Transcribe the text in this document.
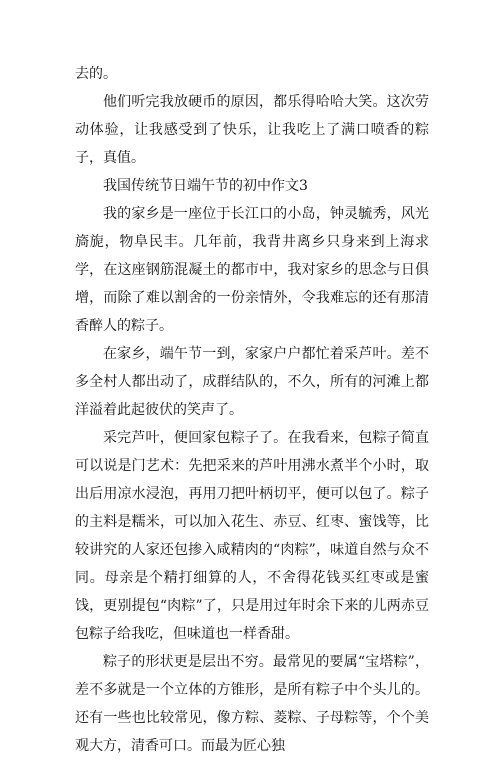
去的。

他们听完我放硬币的原因，都乐得哈哈大笑。这次劳动体验，让我感受到了快乐，让我吃上了满口喷香的粽子，真值。

我国传统节日端午节的初中作文3

我的家乡是一座位于长江口的小岛，钟灵毓秀，风光旖旎，物阜民丰。几年前，我背井离乡只身来到上海求学，在这座钢筋混凝土的都市中，我对家乡的思念与日俱增，而除了难以割舍的一份亲情外，令我难忘的还有那清香醉人的粽子。

在家乡，端午节一到，家家户户都忙着采芦叶。差不多全村人都出动了，成群结队的，不久，所有的河滩上都洋溢着此起彼伏的笑声了。

采完芦叶，便回家包粽子了。在我看来，包粽子简直可以说是门艺术：先把采来的芦叶用沸水煮半个小时，取出后用凉水浸泡，再用刀把叶柄切平，便可以包了。粽子的主料是糯米，可以加入花生、赤豆、红枣、蜜饯等，比较讲究的人家还包掺入咸精肉的“肉粽”，味道自然与众不同。母亲是个精打细算的人，不舍得花钱买红枣或是蜜饯，更别提包“肉粽”了，只是用过年时余下来的儿两赤豆包粽子给我吃，但味道也一样香甜。

粽子的形状更是层出不穷。最常见的要属“宝塔粽”，差不多就是一个立体的方锥形，是所有粽子中个头儿的。还有一些也比较常见，像方粽、菱粽、子母粽等，个个美观大方，清香可口。而最为匠心独
